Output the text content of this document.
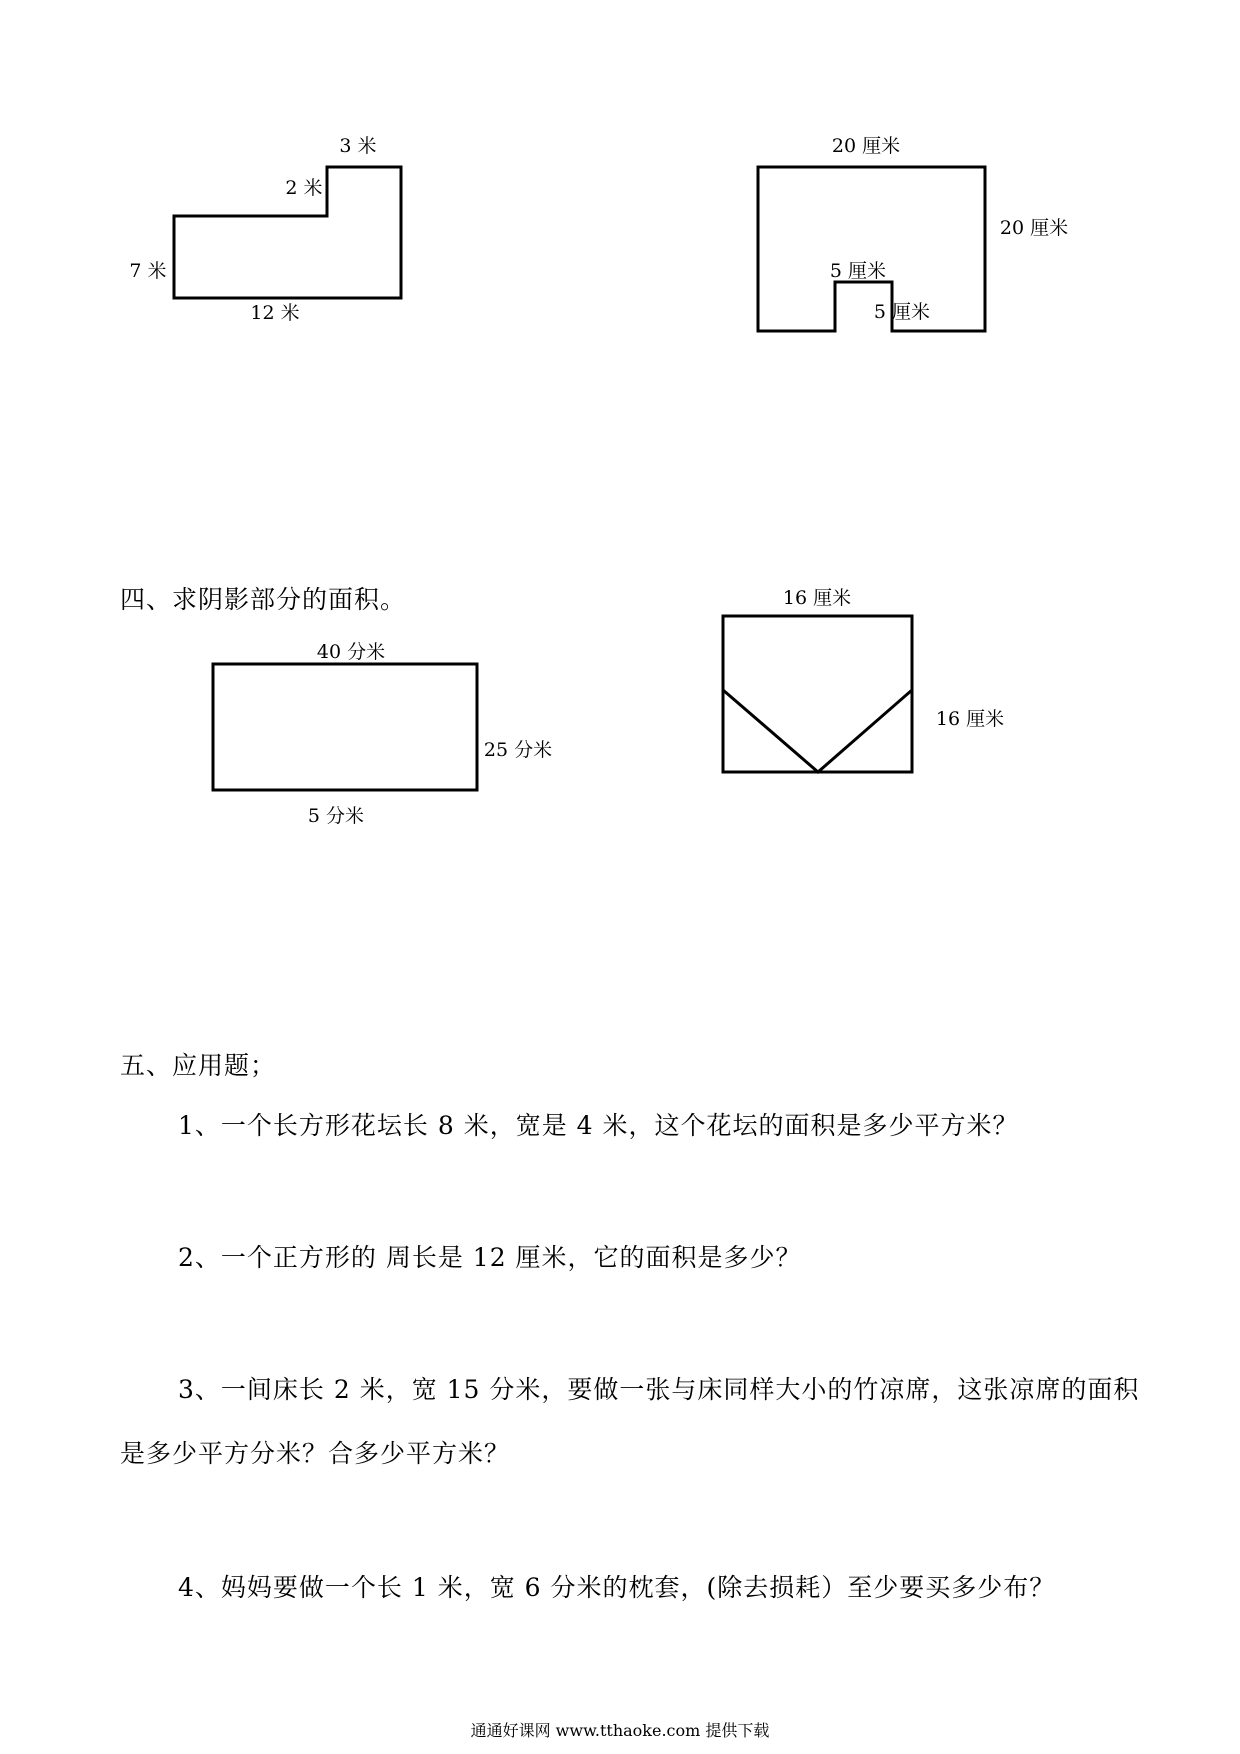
3 米
2 米
7 米
12 米
20 厘米
20 厘米
5 厘米
5 厘米
四、求阴影部分的面积。
40 分米
25 分米
5 分米
16 厘米
16 厘米
五、应用题；
1、一个长方形花坛长 8 米，宽是 4 米，这个花坛的面积是多少平方米？
2、一个正方形的 周长是 12 厘米，它的面积是多少？
3、一间床长 2 米，宽 15 分米，要做一张与床同样大小的竹凉席，这张凉席的面积是多少平方分米？合多少平方米？
4、妈妈要做一个长 1 米，宽 6 分米的枕套，(除去损耗）至少要买多少布？
通通好课网 www.tthaoke.com 提供下载
